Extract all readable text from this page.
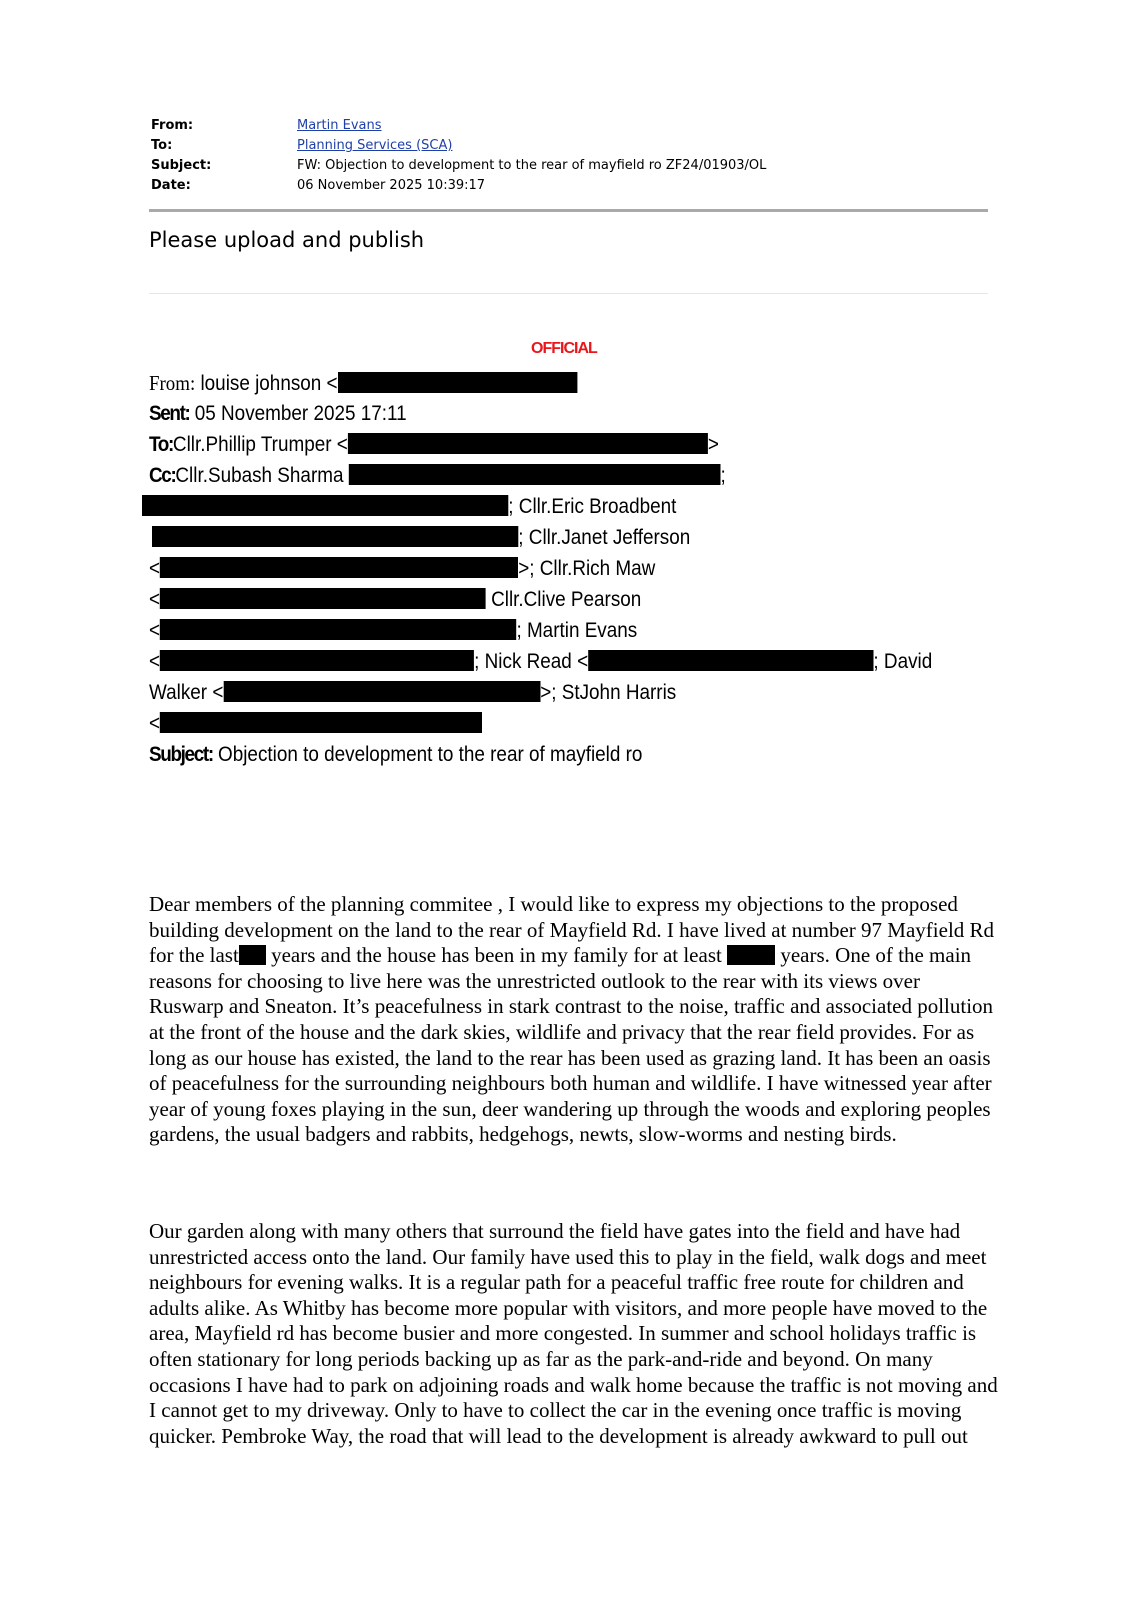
From:	Martin Evans
To:	Planning Services (SCA)
Subject:	FW: Objection to development to the rear of mayfield ro ZF24/01903/OL
Date:	06 November 2025 10:39:17
Please upload and publish
OFFICIAL
From: louise johnson <
Sent: 05 November 2025 17:11
To:Cllr.Phillip Trumper <	>
Cc:Cllr.Subash Sharma	;
; Cllr.Eric Broadbent
; Cllr.Janet Jefferson
<	>; Cllr.Rich Maw
<	Cllr.Clive Pearson
<	; Martin Evans
<	; Nick Read <	; David
Walker <	>; StJohn Harris
<
Subject: Objection to development to the rear of mayfield ro

Dear members of the planning commitee , I would like to express my objections to the proposed building development on the land to the rear of Mayfield Rd. I have lived at number 97 Mayfield Rd for the last years and the house has been in my family for at least	years. One of the main reasons for choosing to live here was the unrestricted outlook to the rear with its views over Ruswarp and Sneaton. It’s peacefulness in stark contrast to the noise, traffic and associated pollution at the front of the house and the dark skies, wildlife and privacy that the rear field provides. For as long as our house has existed, the land to the rear has been used as grazing land. It has been an oasis of peacefulness for the surrounding neighbours both human and wildlife. I have witnessed year after year of young foxes playing in the sun, deer wandering up through the woods and exploring peoples gardens, the usual badgers and rabbits, hedgehogs, newts, slow-worms and nesting birds.

Our garden along with many others that surround the field have gates into the field and have had unrestricted access onto the land. Our family have used this to play in the field, walk dogs and meet neighbours for evening walks. It is a regular path for a peaceful traffic free route for children and adults alike. As Whitby has become more popular with visitors, and more people have moved to the area, Mayfield rd has become busier and more congested. In summer and school holidays traffic is often stationary for long periods backing up as far as the park-and-ride and beyond. On many occasions I have had to park on adjoining roads and walk home because the traffic is not moving and I cannot get to my driveway. Only to have to collect the car in the evening once traffic is moving quicker. Pembroke Way, the road that will lead to the development is already awkward to pull out
